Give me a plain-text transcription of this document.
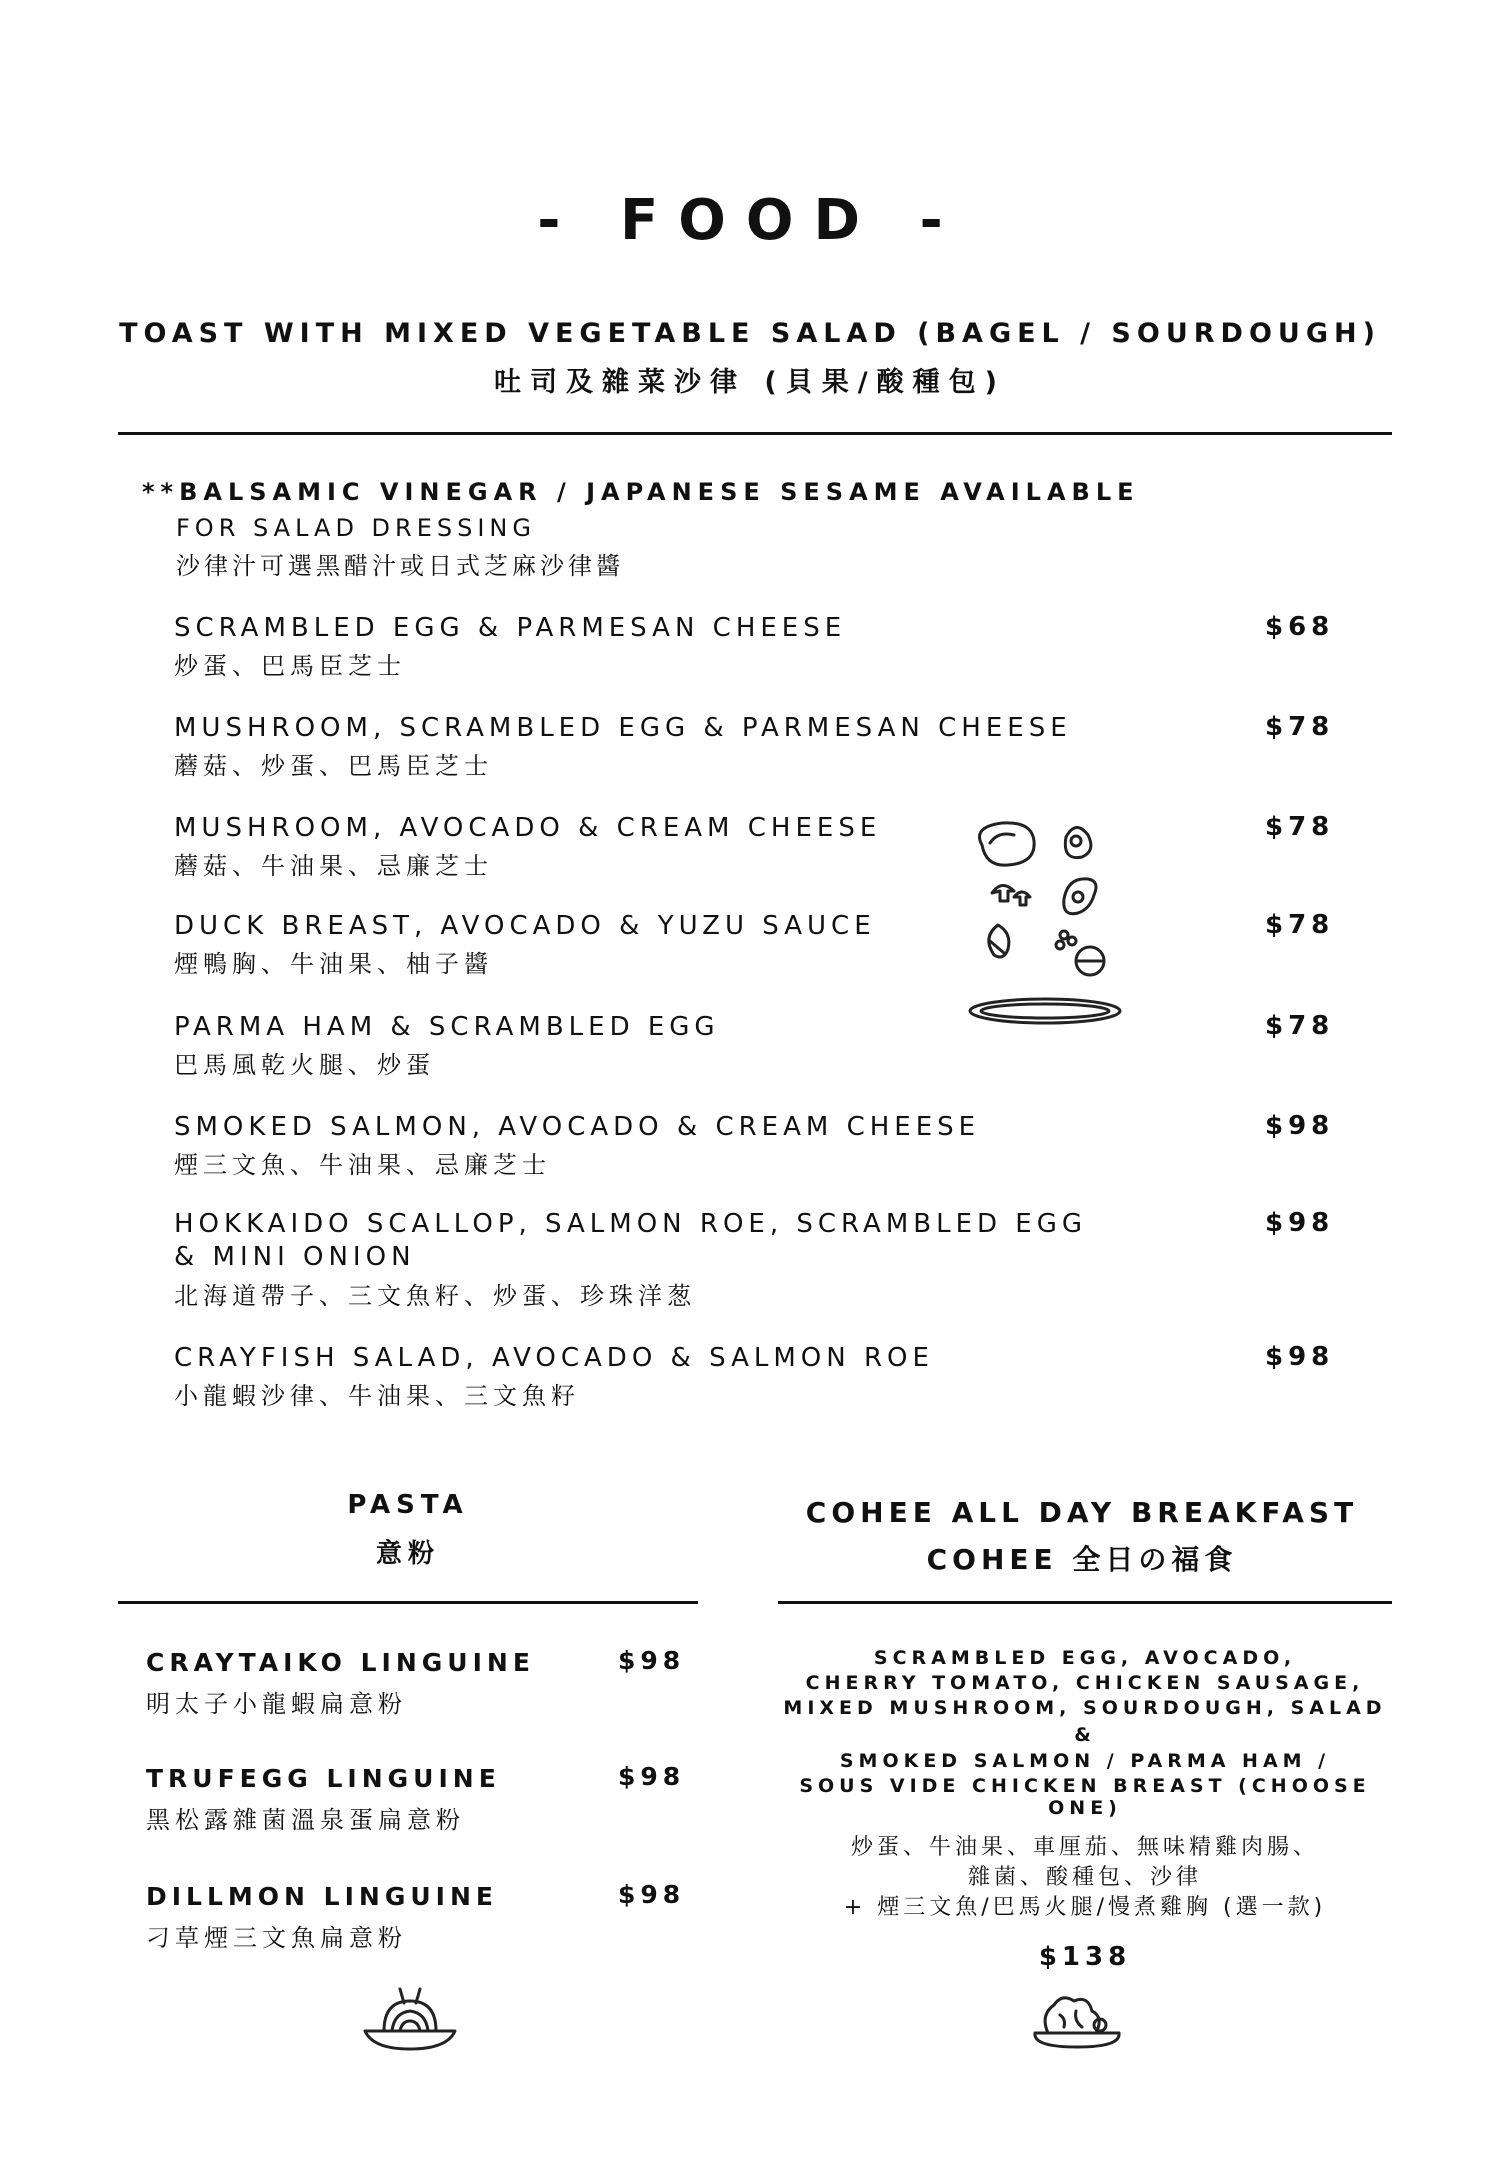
- FOOD -
TOAST WITH MIXED VEGETABLE SALAD (BAGEL / SOURDOUGH)
吐司及雜菜沙律 (貝果/酸種包)
**BALSAMIC VINEGAR / JAPANESE SESAME AVAILABLE
FOR SALAD DRESSING
沙律汁可選黑醋汁或日式芝麻沙律醬
SCRAMBLED EGG & PARMESAN CHEESE
炒蛋、巴馬臣芝士
$68
MUSHROOM, SCRAMBLED EGG & PARMESAN CHEESE
蘑菇、炒蛋、巴馬臣芝士
$78
MUSHROOM, AVOCADO & CREAM CHEESE
蘑菇、牛油果、忌廉芝士
$78
DUCK BREAST, AVOCADO & YUZU SAUCE
煙鴨胸、牛油果、柚子醬
$78
PARMA HAM & SCRAMBLED EGG
巴馬風乾火腿、炒蛋
$78
SMOKED SALMON, AVOCADO & CREAM CHEESE
煙三文魚、牛油果、忌廉芝士
$98
HOKKAIDO SCALLOP, SALMON ROE, SCRAMBLED EGG
& MINI ONION
北海道帶子、三文魚籽、炒蛋、珍珠洋葱
$98
CRAYFISH SALAD, AVOCADO & SALMON ROE
小龍蝦沙律、牛油果、三文魚籽
$98
PASTA
意粉
COHEE ALL DAY BREAKFAST
COHEE 全日の福食
CRAYTAIKO LINGUINE
明太子小龍蝦扁意粉
$98
TRUFEGG LINGUINE
黑松露雜菌溫泉蛋扁意粉
$98
DILLMON LINGUINE
刁草煙三文魚扁意粉
$98
SCRAMBLED EGG, AVOCADO,
CHERRY TOMATO, CHICKEN SAUSAGE,
MIXED MUSHROOM, SOURDOUGH, SALAD
&
SMOKED SALMON / PARMA HAM /
SOUS VIDE CHICKEN BREAST (CHOOSE ONE)
炒蛋、牛油果、車厘茄、無味精雞肉腸、
雜菌、酸種包、沙律
+ 煙三文魚/巴馬火腿/慢煮雞胸 (選一款)
$138
